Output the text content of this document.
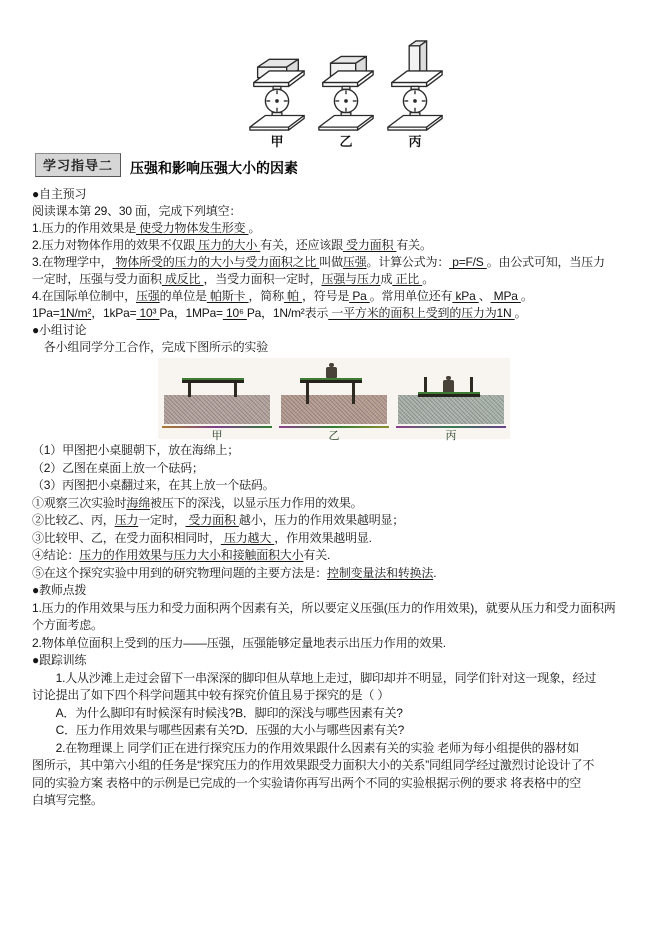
甲	乙	丙
学习指导二	压强和影响压强大小的因素
●自主预习
阅读课本第 29、30 面，完成下列填空：
1.压力的作用效果是 使受力物体发生形变 。
2.压力对物体作用的效果不仅跟 压力的大小 有关，还应该跟 受力面积 有关。
3.在物理学中， 物体所受的压力的大小与受力面积之比 叫做压强。计算公式为： p=F/S 。由公式可知，当压力
一定时，压强与受力面积 成反比 ，当受力面积一定时，压强与压力成 正比 。
4.在国际单位制中，压强的单位是 帕斯卡 ，简称 帕 ，符号是 Pa 。常用单位还有 kPa 、 MPa 。
1Pa=1N/m²，1kPa= 10³ Pa，1MPa= 10⁶ Pa，1N/m²表示 一平方米的面积上受到的压力为1N 。
●小组讨论
　各小组同学分工合作，完成下图所示的实验
甲	乙	丙
（1）甲图把小桌腿朝下，放在海绵上；
（2）乙图在桌面上放一个砝码；
（3）丙图把小桌翻过来，在其上放一个砝码。
①观察三次实验时海绵被压下的深浅，以显示压力作用的效果。
②比较乙、丙，压力一定时， 受力面积 越小，压力的作用效果越明显；
③比较甲、乙，在受力面积相同时， 压力越大 ，作用效果越明显.
④结论：压力的作用效果与压力大小和接触面积大小有关.
⑤在这个探究实验中用到的研究物理问题的主要方法是：控制变量法和转换法.
●教师点拨
1.压力的作用效果与压力和受力面积两个因素有关，所以要定义压强(压力的作用效果)，就要从压力和受力面积两
个方面考虑。
2.物体单位面积上受到的压力——压强，压强能够定量地表示出压力作用的效果.
●跟踪训练
　　1.人从沙滩上走过会留下一串深深的脚印但从草地上走过，脚印却并不明显，同学们针对这一现象，经过
讨论提出了如下四个科学问题其中较有探究价值且易于探究的是（ ）
　　A．为什么脚印有时候深有时候浅?B．脚印的深浅与哪些因素有关?
　　C．压力作用效果与哪些因素有关?D．压强的大小与哪些因素有关?
　　2.在物理课上 同学们正在进行探究压力的作用效果跟什么因素有关的实验 老师为每小组提供的器材如
图所示，其中第六小组的任务是“探究压力的作用效果跟受力面积大小的关系”同组同学经过激烈讨论设计了不
同的实验方案 表格中的示例是已完成的一个实验请你再写出两个不同的实验根据示例的要求 将表格中的空
白填写完整。
